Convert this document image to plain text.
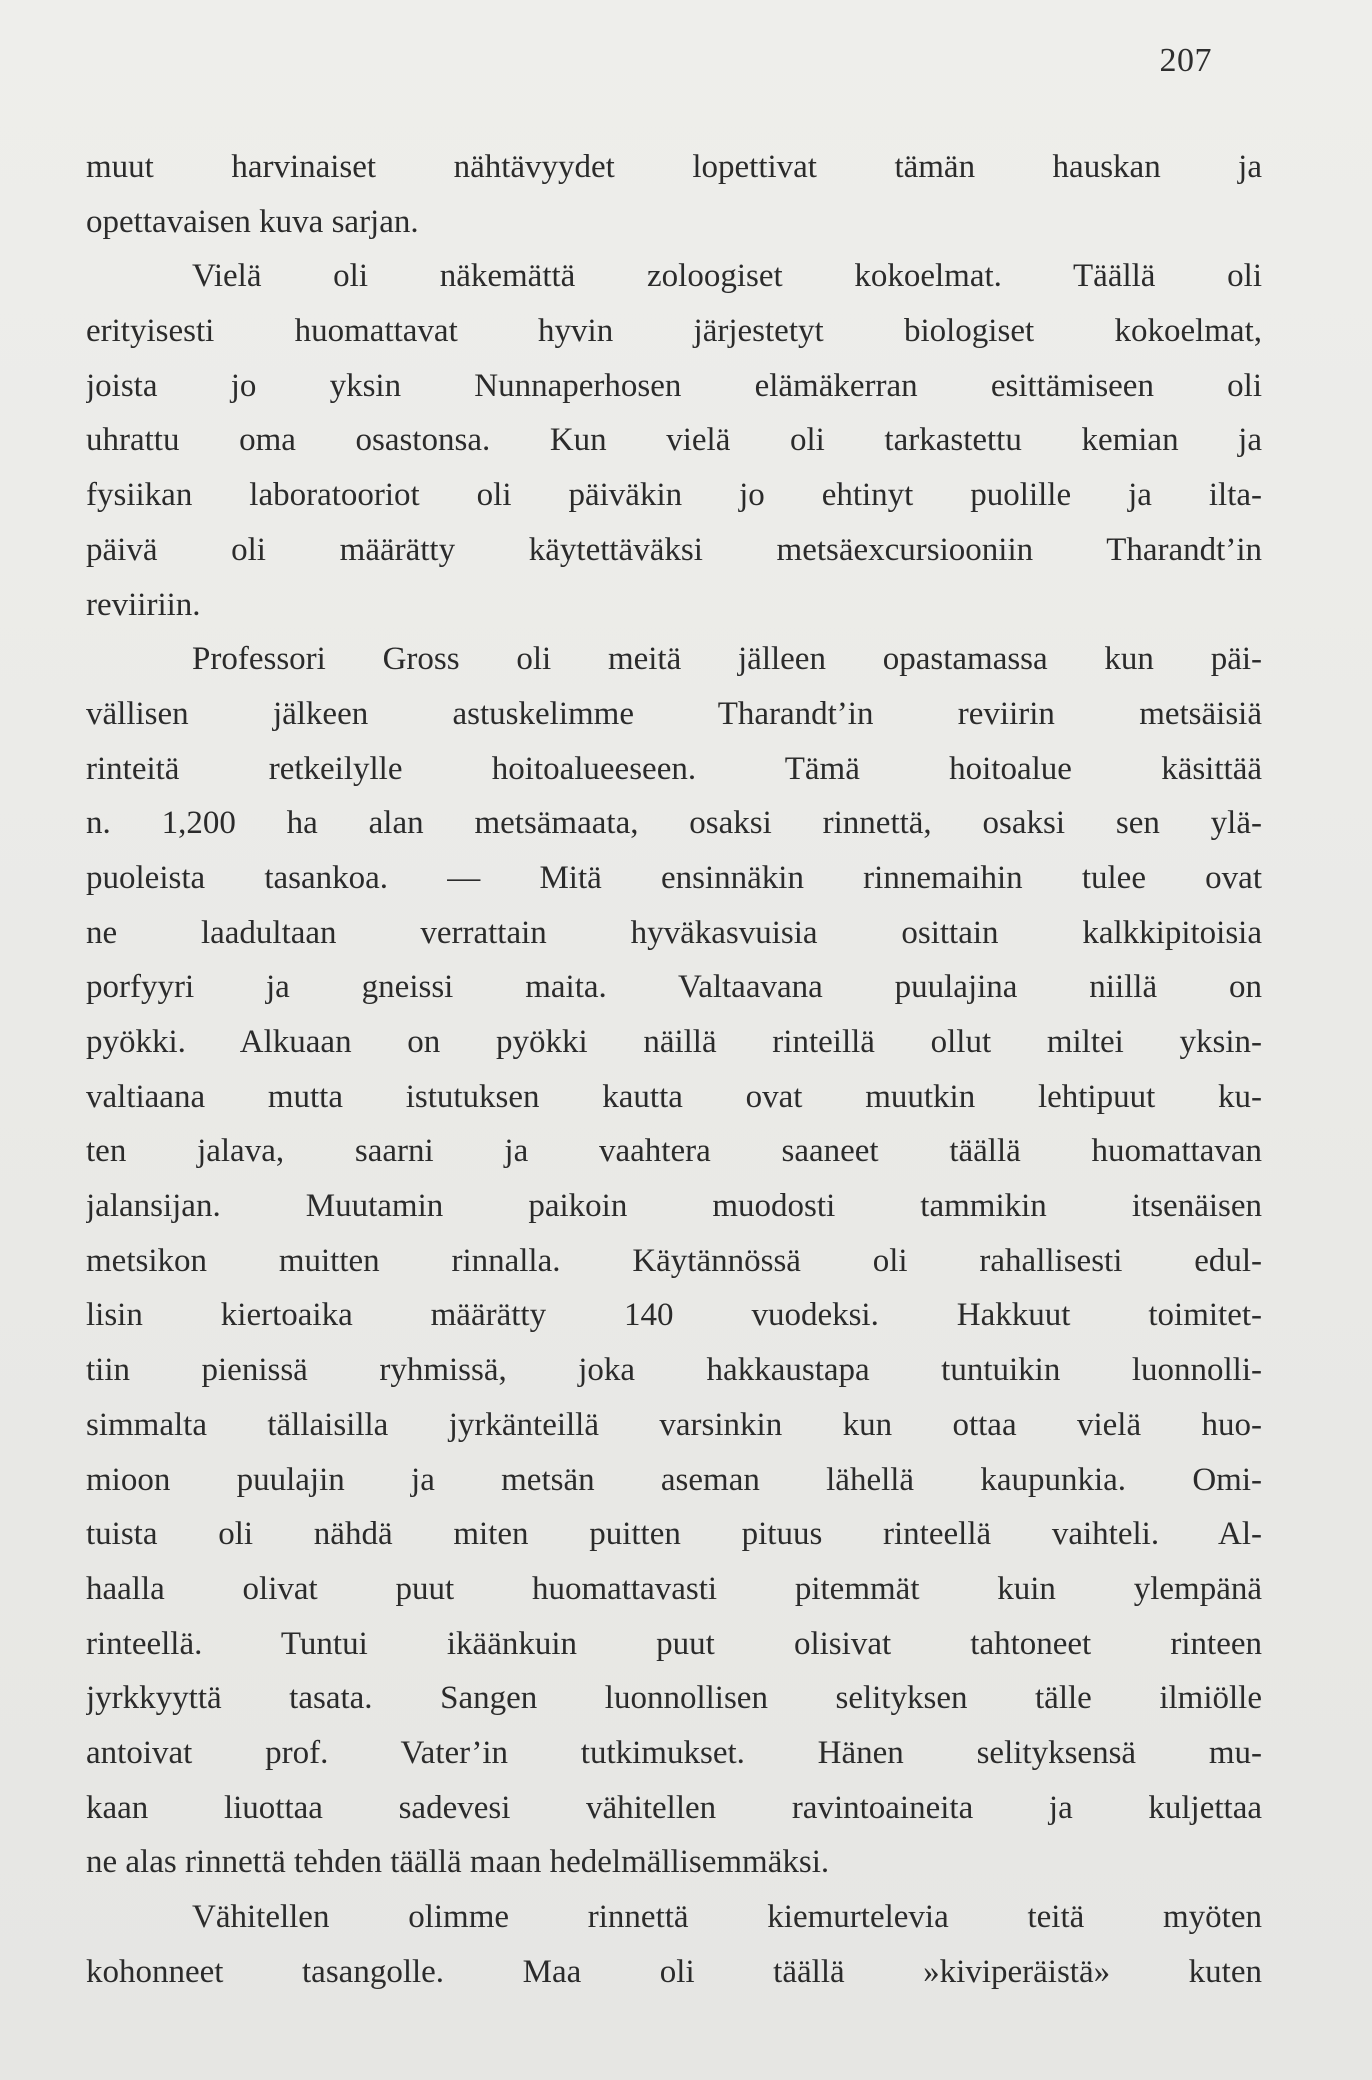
207
muut harvinaiset nähtävyydet lopettivat tämän hauskan ja
opettavaisen kuva sarjan.
Vielä oli näkemättä zoloogiset kokoelmat. Täällä oli
erityisesti huomattavat hyvin järjestetyt biologiset kokoelmat,
joista jo yksin Nunnaperhosen elämäkerran esittämiseen oli
uhrattu oma osastonsa. Kun vielä oli tarkastettu kemian ja
fysiikan laboratooriot oli päiväkin jo ehtinyt puolille ja ilta-
päivä oli määrätty käytettäväksi metsäexcursiooniin Tharandt’in
reviiriin.
Professori Gross oli meitä jälleen opastamassa kun päi-
vällisen jälkeen astuskelimme Tharandt’in reviirin metsäisiä
rinteitä retkeilylle hoitoalueeseen. Tämä hoitoalue käsittää
n. 1,200 ha alan metsämaata, osaksi rinnettä, osaksi sen ylä-
puoleista tasankoa. — Mitä ensinnäkin rinnemaihin tulee ovat
ne laadultaan verrattain hyväkasvuisia osittain kalkkipitoisia
porfyyri ja gneissi maita. Valtaavana puulajina niillä on
pyökki. Alkuaan on pyökki näillä rinteillä ollut miltei yksin-
valtiaana mutta istutuksen kautta ovat muutkin lehtipuut ku-
ten jalava, saarni ja vaahtera saaneet täällä huomattavan
jalansijan. Muutamin paikoin muodosti tammikin itsenäisen
metsikon muitten rinnalla. Käytännössä oli rahallisesti edul-
lisin kiertoaika määrätty 140 vuodeksi. Hakkuut toimitet-
tiin pienissä ryhmissä, joka hakkaustapa tuntuikin luonnolli-
simmalta tällaisilla jyrkänteillä varsinkin kun ottaa vielä huo-
mioon puulajin ja metsän aseman lähellä kaupunkia. Omi-
tuista oli nähdä miten puitten pituus rinteellä vaihteli. Al-
haalla olivat puut huomattavasti pitemmät kuin ylempänä
rinteellä. Tuntui ikäänkuin puut olisivat tahtoneet rinteen
jyrkkyyttä tasata. Sangen luonnollisen selityksen tälle ilmiölle
antoivat prof. Vater’in tutkimukset. Hänen selityksensä mu-
kaan liuottaa sadevesi vähitellen ravintoaineita ja kuljettaa
ne alas rinnettä tehden täällä maan hedelmällisemmäksi.
Vähitellen olimme rinnettä kiemurtelevia teitä myöten
kohonneet tasangolle. Maa oli täällä »kiviperäistä» kuten
